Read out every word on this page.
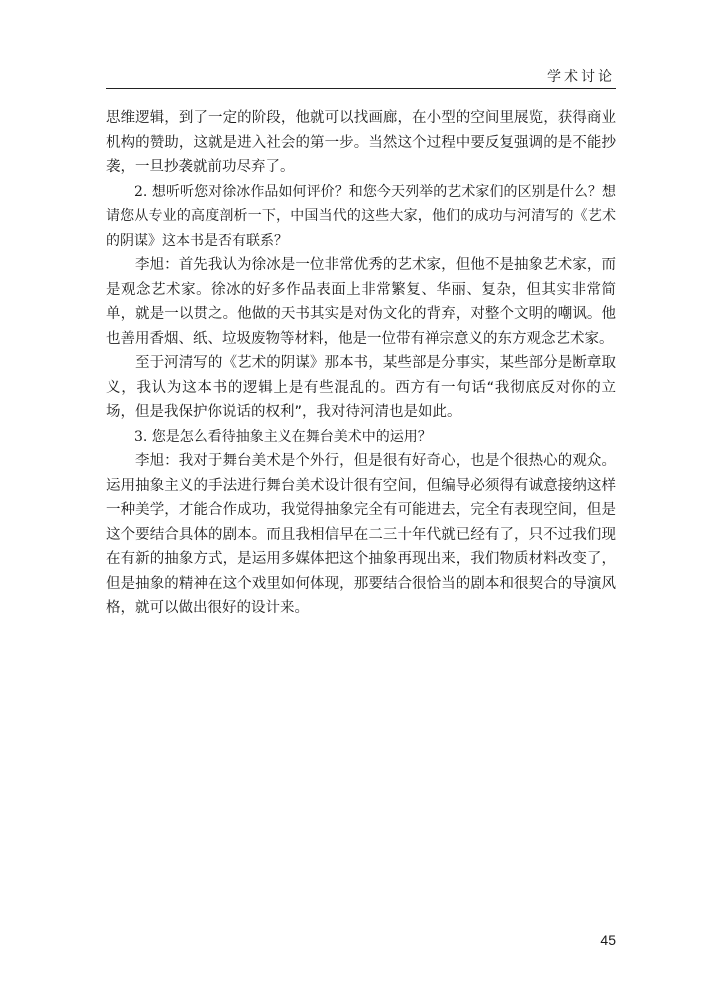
学术讨论

思维逻辑，到了一定的阶段，他就可以找画廊，在小型的空间里展览，获得商业机构的赞助，这就是进入社会的第一步。当然这个过程中要反复强调的是不能抄袭，一旦抄袭就前功尽弃了。

2. 想听听您对徐冰作品如何评价？和您今天列举的艺术家们的区别是什么？想请您从专业的高度剖析一下，中国当代的这些大家，他们的成功与河清写的《艺术的阴谋》这本书是否有联系？

李旭：首先我认为徐冰是一位非常优秀的艺术家，但他不是抽象艺术家，而是观念艺术家。徐冰的好多作品表面上非常繁复、华丽、复杂，但其实非常简单，就是一以贯之。他做的天书其实是对伪文化的背弃，对整个文明的嘲讽。他也善用香烟、纸、垃圾废物等材料，他是一位带有禅宗意义的东方观念艺术家。

至于河清写的《艺术的阴谋》那本书，某些部是分事实，某些部分是断章取义，我认为这本书的逻辑上是有些混乱的。西方有一句话“我彻底反对你的立场，但是我保护你说话的权利”，我对待河清也是如此。

3. 您是怎么看待抽象主义在舞台美术中的运用？

李旭：我对于舞台美术是个外行，但是很有好奇心，也是个很热心的观众。运用抽象主义的手法进行舞台美术设计很有空间，但编导必须得有诚意接纳这样一种美学，才能合作成功，我觉得抽象完全有可能进去，完全有表现空间，但是这个要结合具体的剧本。而且我相信早在二三十年代就已经有了，只不过我们现在有新的抽象方式，是运用多媒体把这个抽象再现出来，我们物质材料改变了，但是抽象的精神在这个戏里如何体现，那要结合很恰当的剧本和很契合的导演风格，就可以做出很好的设计来。

45
